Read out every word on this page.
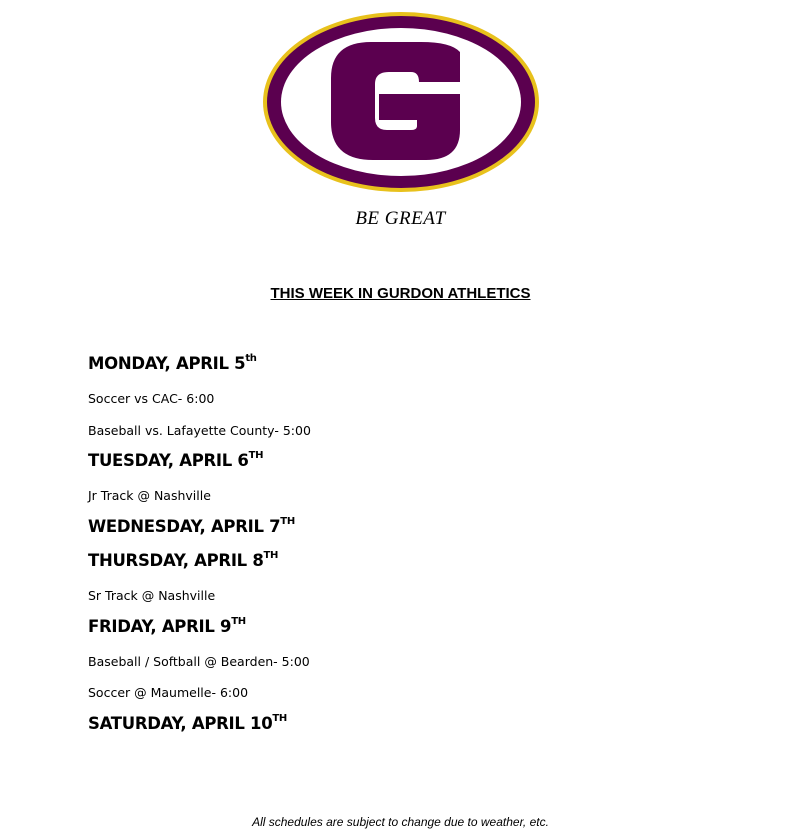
BE GREAT
THIS WEEK IN GURDON ATHLETICS
MONDAY, APRIL 5th
Soccer vs CAC- 6:00
Baseball vs. Lafayette County- 5:00
TUESDAY, APRIL 6TH
Jr Track @ Nashville
WEDNESDAY, APRIL 7TH
THURSDAY, APRIL 8TH
Sr Track @ Nashville
FRIDAY, APRIL 9TH
Baseball / Softball @ Bearden- 5:00
Soccer @ Maumelle- 6:00
SATURDAY, APRIL 10TH
All schedules are subject to change due to weather, etc.
